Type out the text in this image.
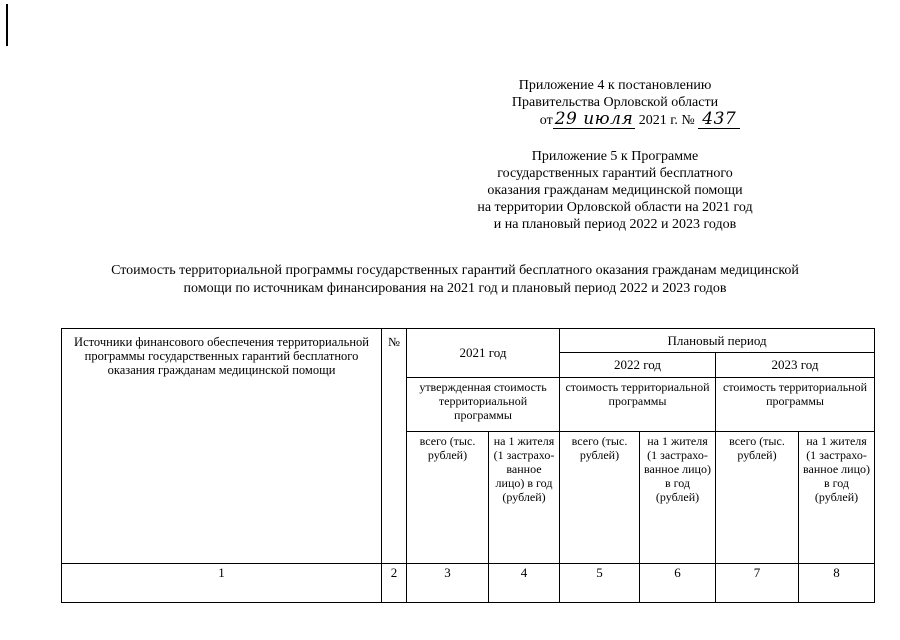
Приложение 4 к постановлению
Правительства Орловской области
от 29 июля 2021 г. № 437
Приложение 5 к Программе
государственных гарантий бесплатного
оказания гражданам медицинской помощи
на территории Орловской области на 2021 год
и на плановый период 2022 и 2023 годов
Стоимость территориальной программы государственных гарантий бесплатного оказания гражданам медицинской
помощи по источникам финансирования на 2021 год и плановый период 2022 и 2023 годов
Источники финансового обеспечения территориальной программы государственных гарантий бесплатного оказания гражданам медицинской помощи	№	2021 год		Плановый период			
				2022 год		2023 год	
		утвержденная стоимость территориальной программы		стоимость территориальной программы		стоимость территориальной программы	
		всего (тыс. рублей)	на 1 жителя (1 застрахо-ванное лицо) в год (рублей)	всего (тыс. рублей)	на 1 жителя (1 застрахо-ванное лицо) в год (рублей)	всего (тыс. рублей)	на 1 жителя (1 застрахо-ванное лицо) в год (рублей)
1	2	3	4	5	6	7	8
